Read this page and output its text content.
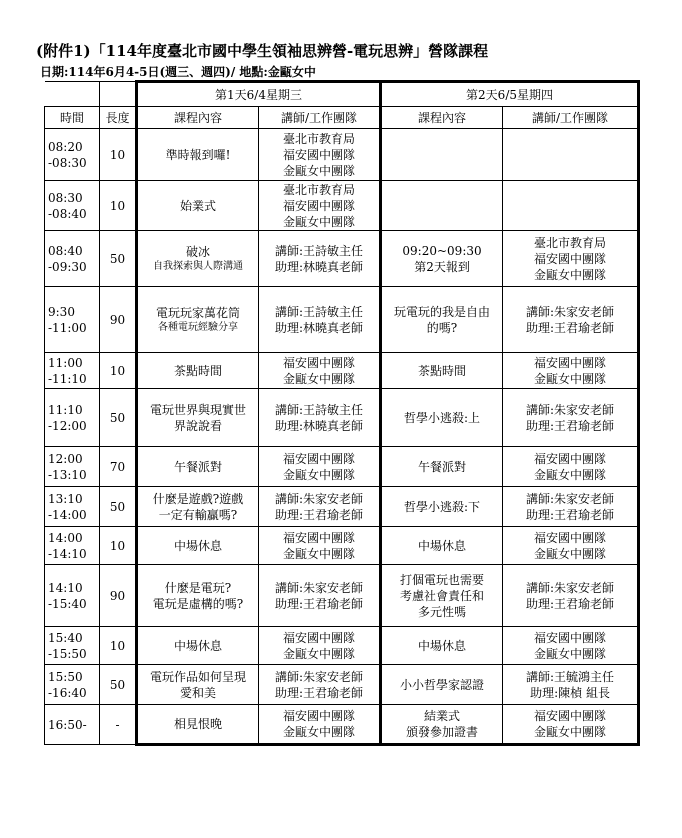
(附件1)「114年度臺北市國中學生領袖思辨營-電玩思辨」營隊課程
日期:114年6月4-5日(週三、週四)/ 地點:金甌女中
		第1天6/4星期三		第2天6/5星期四	
時間	長度	課程內容	講師/工作團隊	課程內容	講師/工作團隊

08:20
-08:30	10	準時報到囉!	臺北市教育局
福安國中團隊
金甌女中團隊		

08:30
-08:40	10	始業式	臺北市教育局
福安國中團隊
金甌女中團隊		

08:40
-09:30	50	破冰
自我探索與人際溝通	講師:王詩敏主任
助理:林曉真老師	09:20~09:30
第2天報到	臺北市教育局
福安國中團隊
金甌女中團隊

9:30
-11:00	90	電玩玩家萬花筒
各種電玩經驗分享	講師:王詩敏主任
助理:林曉真老師	玩電玩的我是自由
的嗎?	講師:朱家安老師
助理:王君瑜老師

11:00
-11:10	10	茶點時間	福安國中團隊
金甌女中團隊	茶點時間	福安國中團隊
金甌女中團隊

11:10
-12:00	50	電玩世界與現實世
界說說看	講師:王詩敏主任
助理:林曉真老師	哲學小逃殺:上	講師:朱家安老師
助理:王君瑜老師

12:00
-13:10	70	午餐派對	福安國中團隊
金甌女中團隊	午餐派對	福安國中團隊
金甌女中團隊

13:10
-14:00	50	什麼是遊戲?遊戲
一定有輸贏嗎?	講師:朱家安老師
助理:王君瑜老師	哲學小逃殺:下	講師:朱家安老師
助理:王君瑜老師

14:00
-14:10	10	中場休息	福安國中團隊
金甌女中團隊	中場休息	福安國中團隊
金甌女中團隊

14:10
-15:40	90	什麼是電玩?
電玩是虛構的嗎?	講師:朱家安老師
助理:王君瑜老師	打個電玩也需要
考慮社會責任和
多元性嗎	講師:朱家安老師
助理:王君瑜老師

15:40
-15:50	10	中場休息	福安國中團隊
金甌女中團隊	中場休息	福安國中團隊
金甌女中團隊

15:50
-16:40	50	電玩作品如何呈現
愛和美	講師:朱家安老師
助理:王君瑜老師	小小哲學家認證	講師:王毓鴻主任
助理:陳楨 組長

16:50-	-	相見恨晚	福安國中團隊
金甌女中團隊	結業式
頒發參加證書	福安國中團隊
金甌女中團隊
